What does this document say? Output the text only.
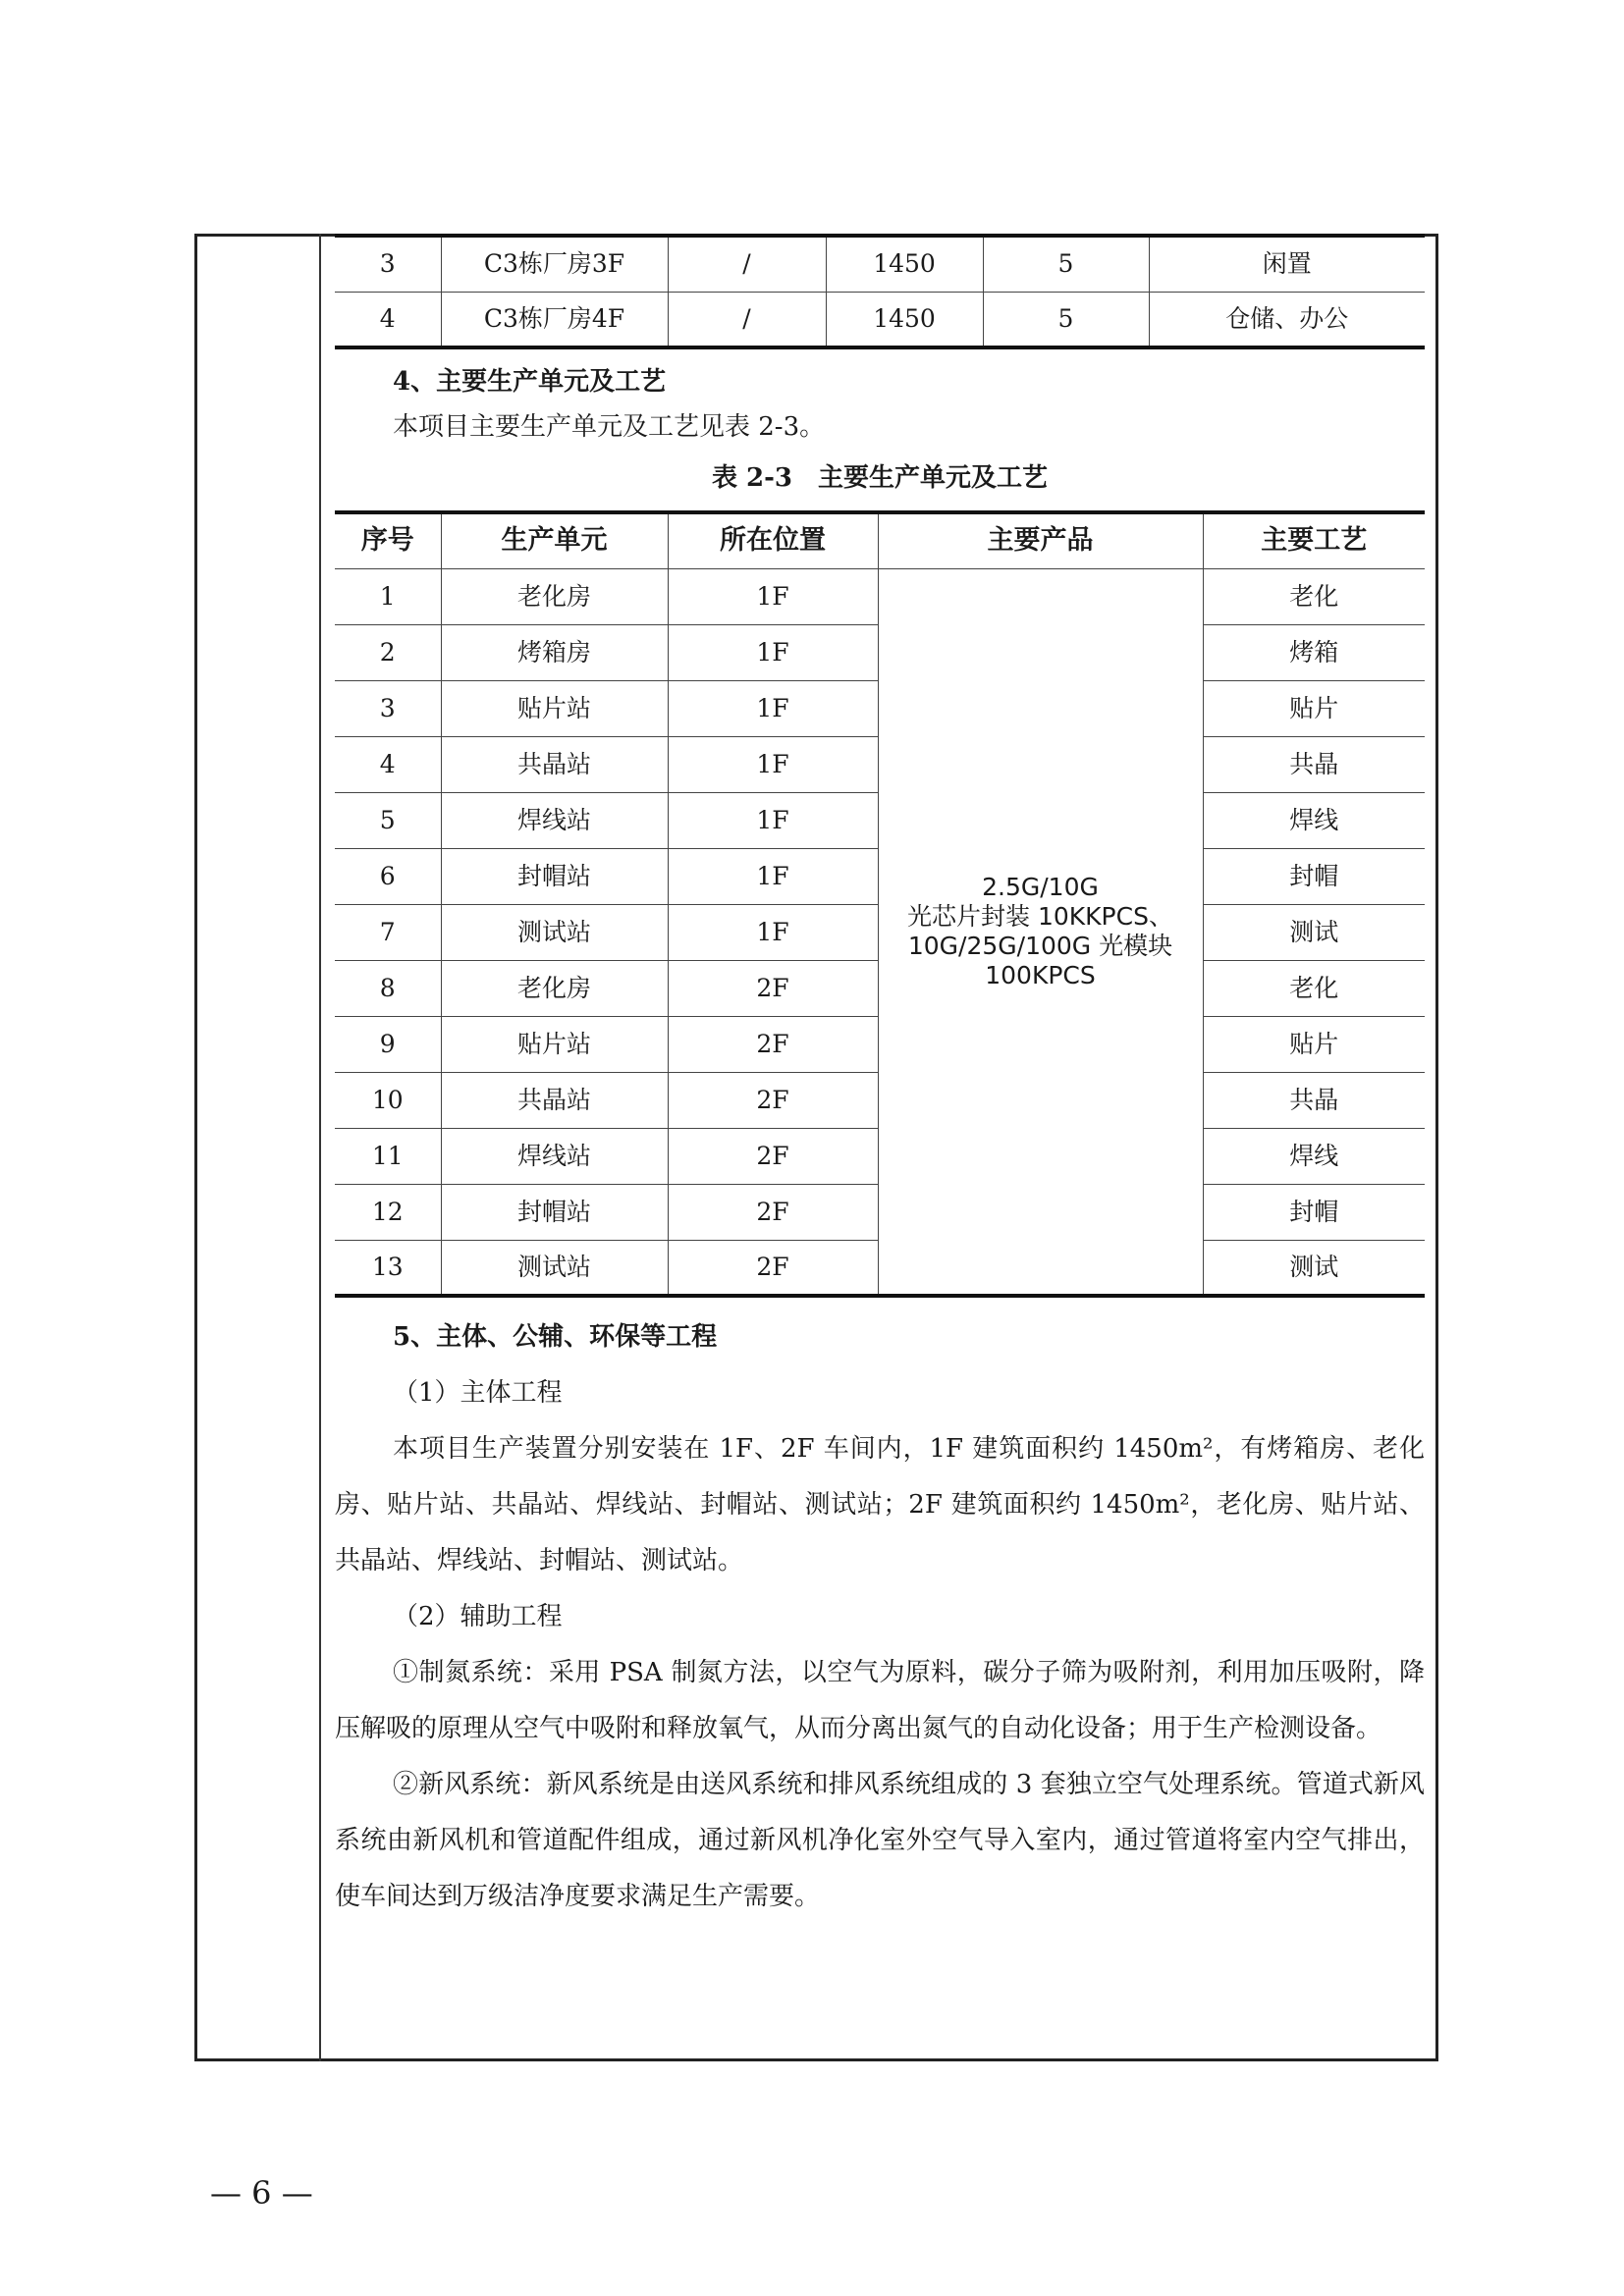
3	C3栋厂房3F	/	1450	5	闲置
4	C3栋厂房4F	/	1450	5	仓储、办公

4、主要生产单元及工艺

本项目主要生产单元及工艺见表 2-3。

表 2-3　主要生产单元及工艺

序号	生产单元	所在位置	主要产品	主要工艺
1	老化房	1F	2.5G/10G
光芯片封装 10KKPCS、
10G/25G/100G 光模块
100KPCS	老化
2	烤箱房	1F		烤箱
3	贴片站	1F		贴片
4	共晶站	1F		共晶
5	焊线站	1F		焊线
6	封帽站	1F		封帽
7	测试站	1F		测试
8	老化房	2F		老化
9	贴片站	2F		贴片
10	共晶站	2F		共晶
11	焊线站	2F		焊线
12	封帽站	2F		封帽
13	测试站	2F		测试

5、主体、公辅、环保等工程

（1）主体工程

本项目生产装置分别安装在 1F、2F 车间内，1F 建筑面积约 1450m²，有烤箱房、老化房、贴片站、共晶站、焊线站、封帽站、测试站；2F 建筑面积约 1450m²，老化房、贴片站、共晶站、焊线站、封帽站、测试站。

（2）辅助工程

①制氮系统：采用 PSA 制氮方法，以空气为原料，碳分子筛为吸附剂，利用加压吸附，降压解吸的原理从空气中吸附和释放氧气，从而分离出氮气的自动化设备；用于生产检测设备。

②新风系统：新风系统是由送风系统和排风系统组成的 3 套独立空气处理系统。管道式新风系统由新风机和管道配件组成，通过新风机净化室外空气导入室内，通过管道将室内空气排出，使车间达到万级洁净度要求满足生产需要。

— 6 —
